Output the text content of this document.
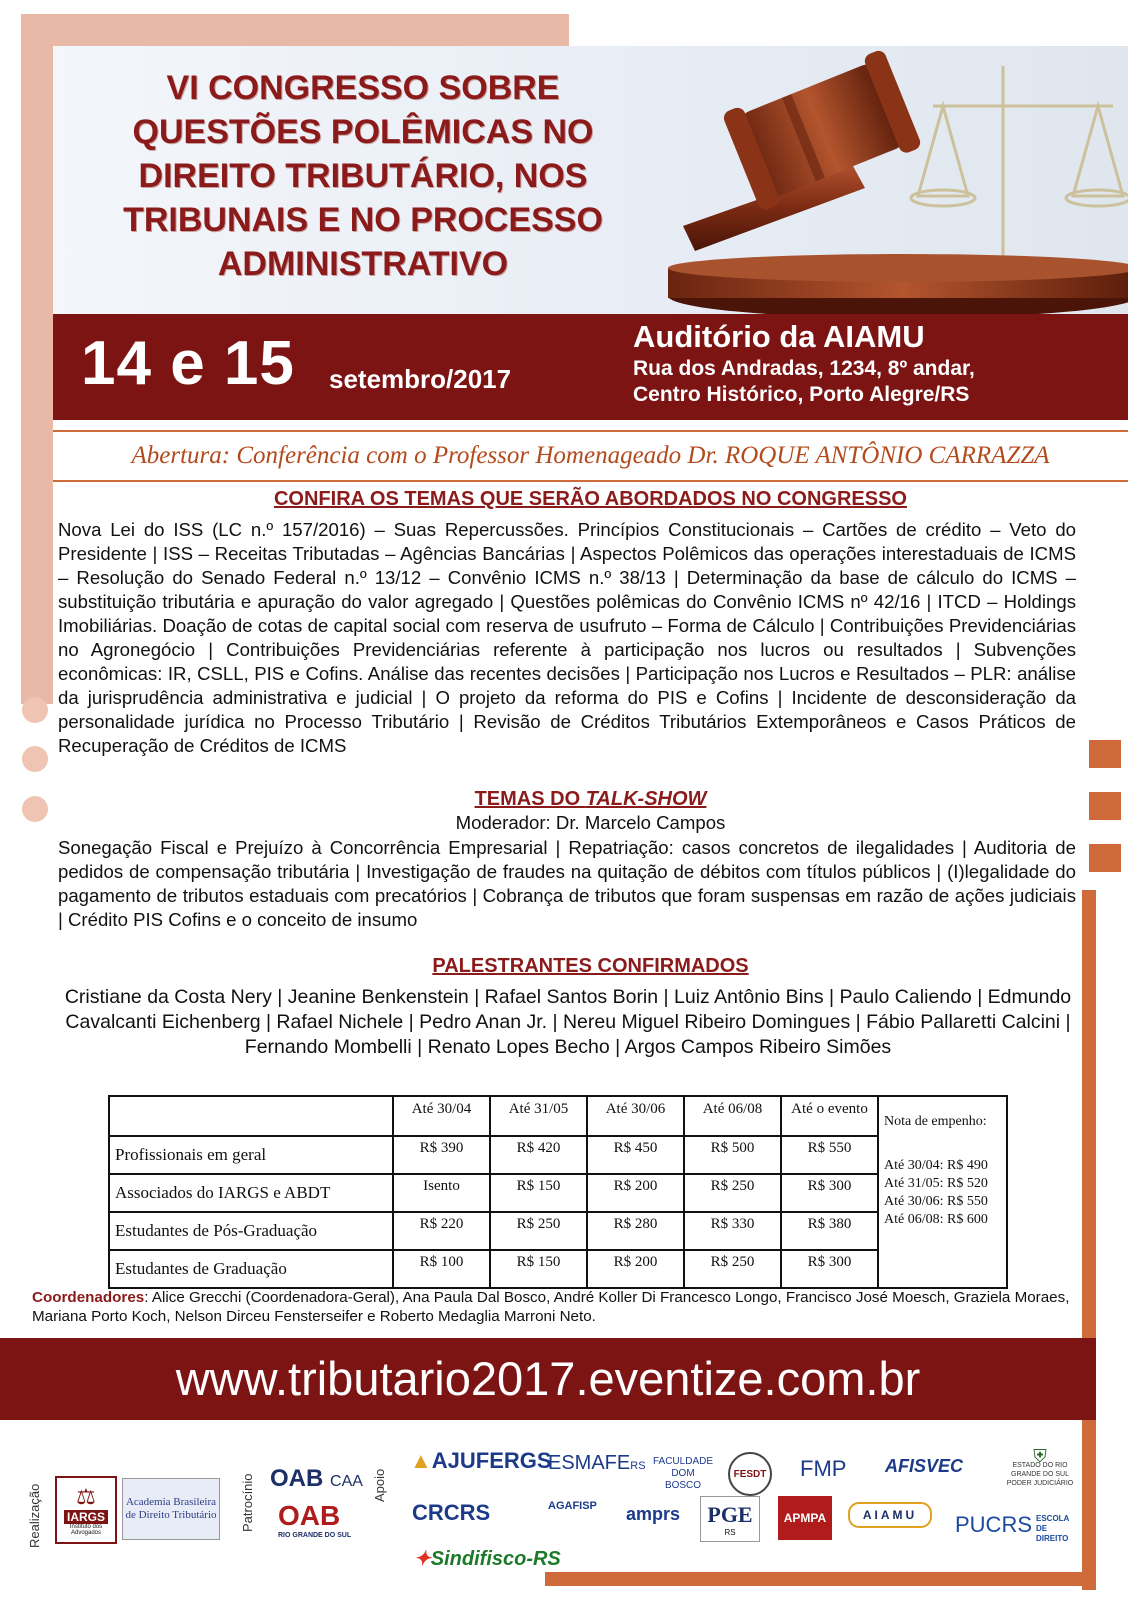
VI CONGRESSO SOBRE
QUESTÕES POLÊMICAS NO
DIREITO TRIBUTÁRIO, NOS
TRIBUNAIS E NO PROCESSO
ADMINISTRATIVO
14 e 15 setembro/2017
Auditório da AIAMU
Rua dos Andradas, 1234, 8º andar,
Centro Histórico, Porto Alegre/RS
Abertura: Conferência com o Professor Homenageado Dr. ROQUE ANTÔNIO CARRAZZA
CONFIRA OS TEMAS QUE SERÃO ABORDADOS NO CONGRESSO
Nova Lei do ISS (LC n.º 157/2016) – Suas Repercussões. Princípios Constitucionais – Cartões de crédito – Veto do Presidente | ISS – Receitas Tributadas – Agências Bancárias | Aspectos Polêmicos das operações interestaduais de ICMS – Resolução do Senado Federal n.º 13/12 – Convênio ICMS n.º 38/13 | Determinação da base de cálculo do ICMS – substituição tributária e apuração do valor agregado | Questões polêmicas do Convênio ICMS nº 42/16 | ITCD – Holdings Imobiliárias. Doação de cotas de capital social com reserva de usufruto – Forma de Cálculo | Contribuições Previdenciárias no Agronegócio | Contribuições Previdenciárias referente à participação nos lucros ou resultados | Subvenções econômicas: IR, CSLL, PIS e Cofins. Análise das recentes decisões | Participação nos Lucros e Resultados – PLR: análise da jurisprudência administrativa e judicial | O projeto da reforma do PIS e Cofins | Incidente de desconsideração da personalidade jurídica no Processo Tributário | Revisão de Créditos Tributários Extemporâneos e Casos Práticos de Recuperação de Créditos de ICMS
TEMAS DO TALK-SHOW
Moderador: Dr. Marcelo Campos
Sonegação Fiscal e Prejuízo à Concorrência Empresarial | Repatriação: casos concretos de ilegalidades | Auditoria de pedidos de compensação tributária | Investigação de fraudes na quitação de débitos com títulos públicos | (I)legalidade do pagamento de tributos estaduais com precatórios | Cobrança de tributos que foram suspensas em razão de ações judiciais | Crédito PIS Cofins e o conceito de insumo
PALESTRANTES CONFIRMADOS
Cristiane da Costa Nery | Jeanine Benkenstein | Rafael Santos Borin | Luiz Antônio Bins | Paulo Caliendo | Edmundo Cavalcanti Eichenberg | Rafael Nichele | Pedro Anan Jr. | Nereu Miguel Ribeiro Domingues | Fábio Pallaretti Calcini | Fernando Mombelli | Renato Lopes Becho | Argos Campos Ribeiro Simões
	Até 30/04	Até 31/05	Até 30/06	Até 06/08	Até o evento	Nota de empenho:
Até 30/04: R$ 490
Até 31/05: R$ 520
Até 30/06: R$ 550
Até 06/08: R$ 600

Profissionais em geral	R$ 390	R$ 420	R$ 450	R$ 500	R$ 550	
Associados do IARGS e ABDT	Isento	R$ 150	R$ 200	R$ 250	R$ 300	
Estudantes de Pós-Graduação	R$ 220	R$ 250	R$ 280	R$ 330	R$ 380	
Estudantes de Graduação	R$ 100	R$ 150	R$ 200	R$ 250	R$ 300	
Coordenadores: Alice Grecchi (Coordenadora-Geral), Ana Paula Dal Bosco, André Koller Di Francesco Longo, Francisco José Moesch, Graziela Moraes, Mariana Porto Koch, Nelson Dirceu Fensterseifer e Roberto Medaglia Marroni Neto.
www.tributario2017.eventize.com.br
Realização	Patrocínio	Apoio
⚖
IARGS
Instituto dos Advogados
Academia Brasileira de Direito Tributário
OAB CAA
OAB
RIO GRANDE DO SUL
▲AJUFERGS
ESMAFERS FACULDADE DOM BOSCO
FESDT FMP AFISVEC	⛨
ESTADO DO RIO GRANDE DO SUL PODER JUDICIÁRIO
CRCRS	AGAFISP amprs PGE
RS
APMPA	AIAMU	PUCRS ESCOLA DE DIREITO
✦Sindifisco-RS
